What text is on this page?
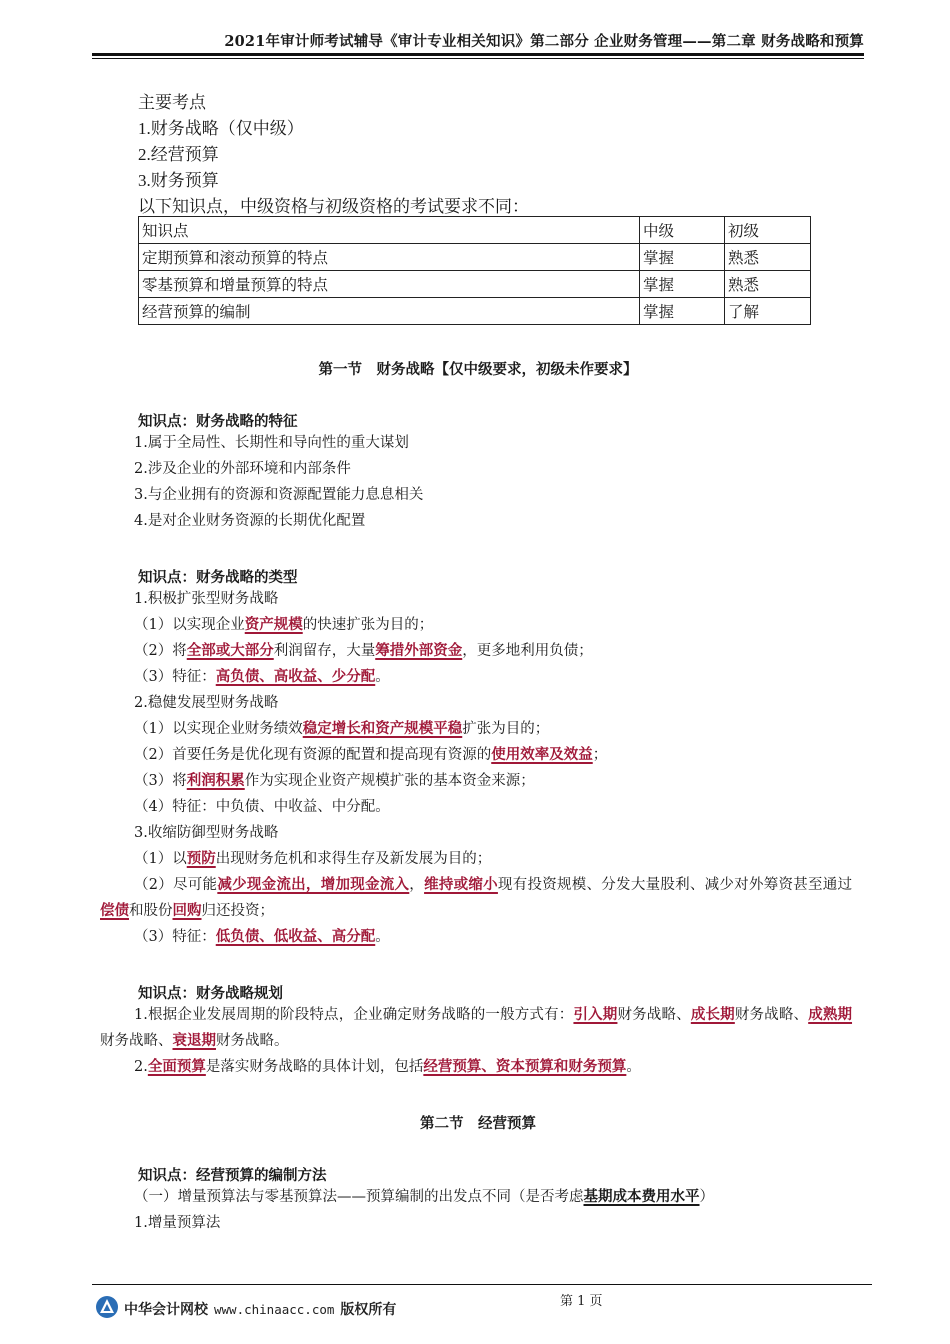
2021年审计师考试辅导《审计专业相关知识》第二部分 企业财务管理——第二章 财务战略和预算
主要考点
1.财务战略（仅中级）
2.经营预算
3.财务预算
以下知识点，中级资格与初级资格的考试要求不同：
知识点	中级	初级
定期预算和滚动预算的特点	掌握	熟悉
零基预算和增量预算的特点	掌握	熟悉
经营预算的编制	掌握	了解
第一节　财务战略【仅中级要求，初级未作要求】
知识点：财务战略的特征
1.属于全局性、长期性和导向性的重大谋划
2.涉及企业的外部环境和内部条件
3.与企业拥有的资源和资源配置能力息息相关
4.是对企业财务资源的长期优化配置
知识点：财务战略的类型
1.积极扩张型财务战略
（1）以实现企业资产规模的快速扩张为目的；
（2）将全部或大部分利润留存，大量筹措外部资金，更多地利用负债；
（3）特征：高负债、高收益、少分配。
2.稳健发展型财务战略
（1）以实现企业财务绩效稳定增长和资产规模平稳扩张为目的；
（2）首要任务是优化现有资源的配置和提高现有资源的使用效率及效益；
（3）将利润积累作为实现企业资产规模扩张的基本资金来源；
（4）特征：中负债、中收益、中分配。
3.收缩防御型财务战略
（1）以预防出现财务危机和求得生存及新发展为目的；
（2）尽可能减少现金流出，增加现金流入，维持或缩小现有投资规模、分发大量股利、减少对外筹资甚至通过偿债和股份回购归还投资；
（3）特征：低负债、低收益、高分配。
知识点：财务战略规划
1.根据企业发展周期的阶段特点，企业确定财务战略的一般方式有：引入期财务战略、成长期财务战略、成熟期财务战略、衰退期财务战略。
2.全面预算是落实财务战略的具体计划，包括经营预算、资本预算和财务预算。
第二节　经营预算
知识点：经营预算的编制方法
（一）增量预算法与零基预算法——预算编制的出发点不同（是否考虑基期成本费用水平）
1.增量预算法
中华会计网校 www.chinaacc.com 版权所有
第 1 页
